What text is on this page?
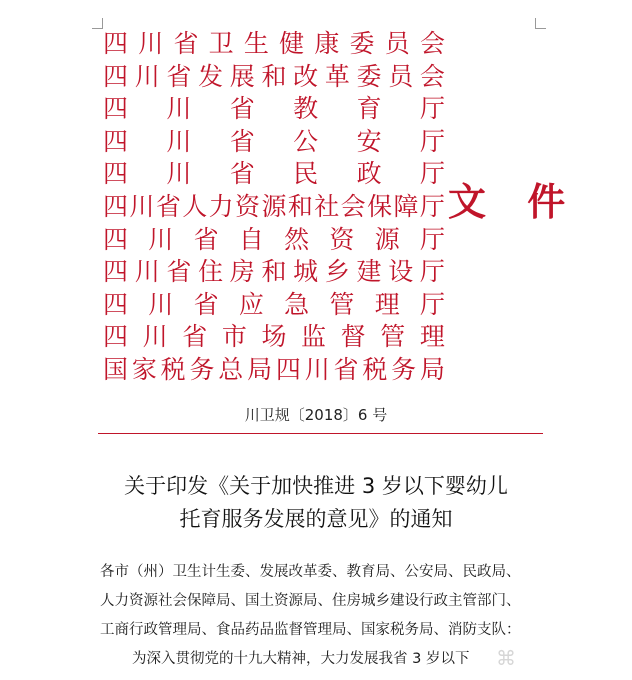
四 川 省 卫 生 健 康 委 员 会
四 川 省 发 展 和 改 革 委 员 会
四 川 省 教 育 厅
四 川 省 公 安 厅
四 川 省 民 政 厅
四 川 省 人 力 资 源 和 社 会 保 障 厅
四 川 省 自 然 资 源 厅
四 川 省 住 房 和 城 乡 建 设 厅
四 川 省 应 急 管 理 厅
四 川 省 市 场 监 督 管 理
国 家 税 务 总 局 四 川 省 税 务 局
文 件
川卫规〔2018〕6 号
关于印发《关于加快推进 3 岁以下婴幼儿
托育服务发展的意见》的通知
各市（州）卫生计生委、发展改革委、教育局、公安局、民政局、
人力资源社会保障局、国土资源局、住房城乡建设行政主管部门、
工商行政管理局、食品药品监督管理局、国家税务局、消防支队：
为深入贯彻党的十九大精神，大力发展我省 3 岁以下	⌘
